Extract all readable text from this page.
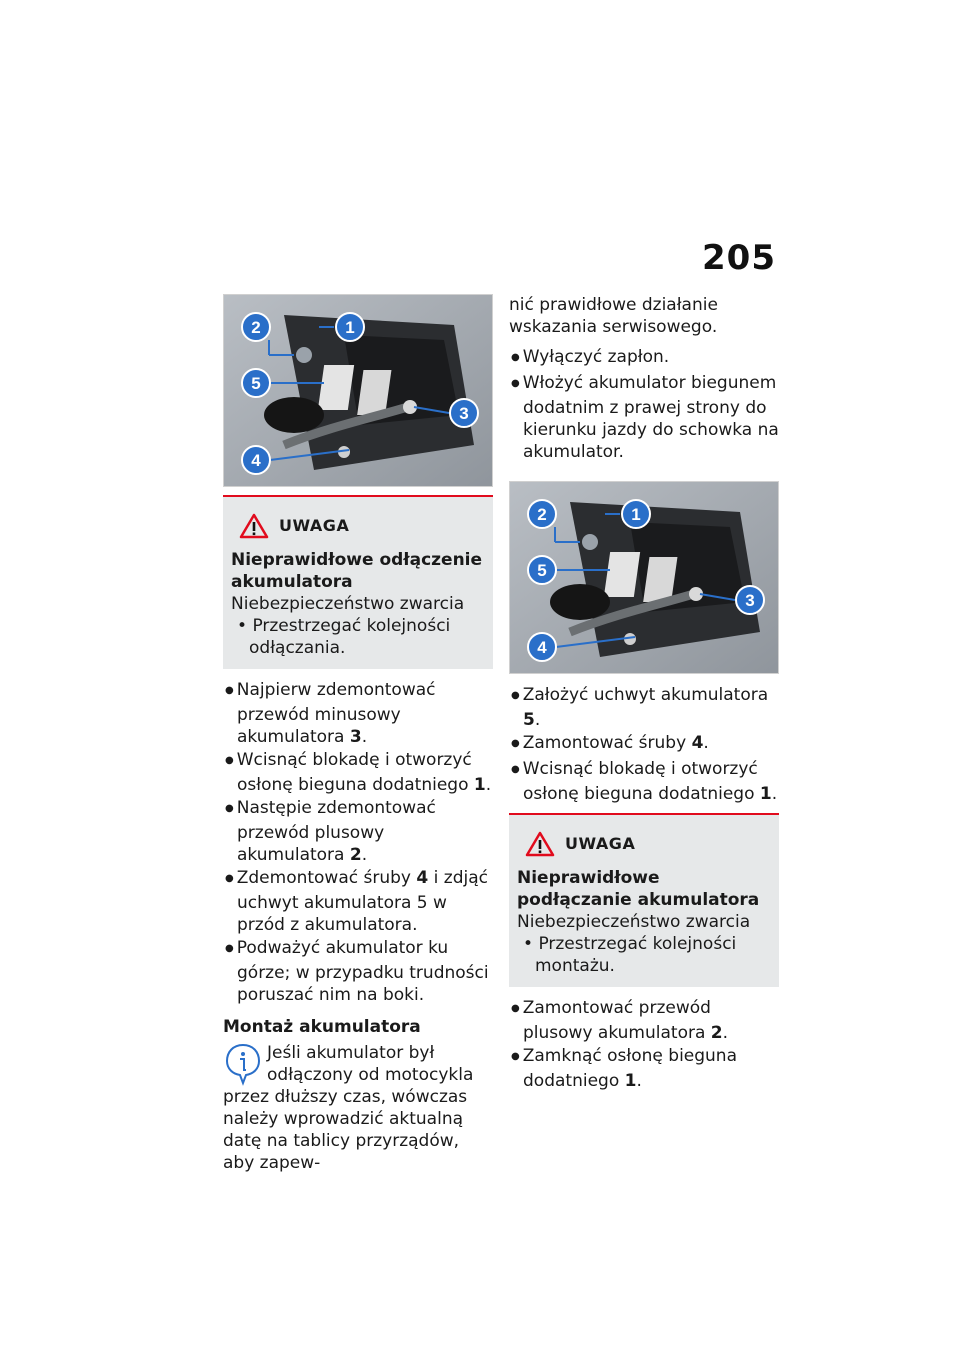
205
2	1
5
3
4
UWAGA
Nieprawidłowe odłączenie akumulatora
Niebezpieczeństwo zwarcia
• Przestrzegać kolejności odłączania.
● Najpierw zdemontować przewód minusowy akumulatora 3.
● Wcisnąć blokadę i otworzyć osłonę bieguna dodatniego 1.
● Następie zdemontować przewód plusowy akumulatora 2.
● Zdemontować śruby 4 i zdjąć uchwyt akumulatora 5 w przód z akumulatora.
● Podważyć akumulator ku górze; w przypadku trudności poruszać nim na boki.
Montaż akumulatora
Jeśli akumulator był odłączony od motocykla przez dłuższy czas, wówczas należy wprowadzić aktualną datę na tablicy przyrządów, aby zapew-
nić prawidłowe działanie wskazania serwisowego.
● Wyłączyć zapłon.
● Włożyć akumulator biegunem dodatnim z prawej strony do kierunku jazdy do schowka na akumulator.
2	1
5
3
4
● Założyć uchwyt akumulatora 5.
● Zamontować śruby 4.
● Wcisnąć blokadę i otworzyć osłonę bieguna dodatniego 1.
UWAGA
Nieprawidłowe podłączanie akumulatora
Niebezpieczeństwo zwarcia
• Przestrzegać kolejności montażu.
● Zamontować przewód plusowy akumulatora 2.
● Zamknąć osłonę bieguna dodatniego 1.
